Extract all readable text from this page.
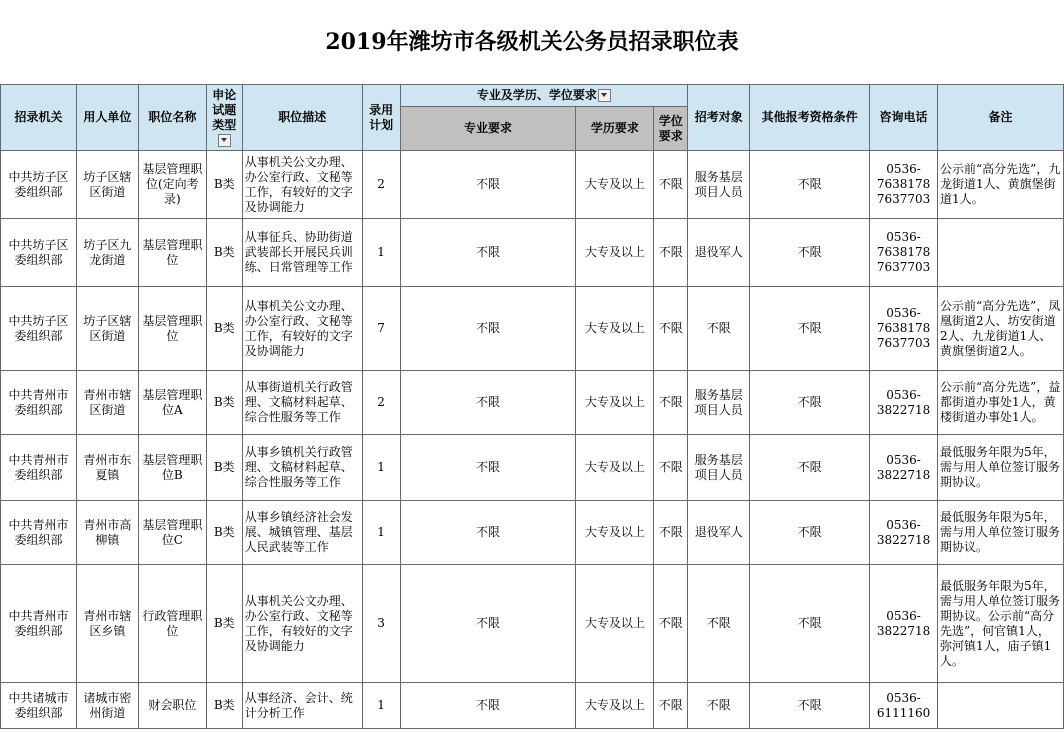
2019年潍坊市各级机关公务员招录职位表
招录机关	用人单位	职位名称	申论试题类型	职位描述	录用计划	专业及学历、学位要求			招考对象	其他报考资格条件	咨询电话	备注
						专业要求	学历要求	学位要求				
中共坊子区委组织部	坊子区辖区街道	基层管理职位(定向考录)	B类	从事机关公文办理、办公室行政、文秘等工作，有较好的文字及协调能力	2	不限	大专及以上	不限	服务基层项目人员	不限	0536-7638178 7637703	公示前“高分先选”，九龙街道1人、黄旗堡街道1人。
中共坊子区委组织部	坊子区九龙街道	基层管理职位	B类	从事征兵、协助街道武装部长开展民兵训练、日常管理等工作	1	不限	大专及以上	不限	退役军人	不限	0536-7638178 7637703	
中共坊子区委组织部	坊子区辖区街道	基层管理职位	B类	从事机关公文办理、办公室行政、文秘等工作，有较好的文字及协调能力	7	不限	大专及以上	不限	不限	不限	0536-7638178 7637703	公示前“高分先选”，凤凰街道2人、坊安街道2人、九龙街道1人、黄旗堡街道2人。
中共青州市委组织部	青州市辖区街道	基层管理职位A	B类	从事街道机关行政管理、文稿材料起草、综合性服务等工作	2	不限	大专及以上	不限	服务基层项目人员	不限	0536-3822718	公示前“高分先选”，益都街道办事处1人，黄楼街道办事处1人。
中共青州市委组织部	青州市东夏镇	基层管理职位B	B类	从事乡镇机关行政管理、文稿材料起草、综合性服务等工作	1	不限	大专及以上	不限	服务基层项目人员	不限	0536-3822718	最低服务年限为5年，需与用人单位签订服务期协议。
中共青州市委组织部	青州市高柳镇	基层管理职位C	B类	从事乡镇经济社会发展、城镇管理、基层人民武装等工作	1	不限	大专及以上	不限	退役军人	不限	0536-3822718	最低服务年限为5年，需与用人单位签订服务期协议。
中共青州市委组织部	青州市辖区乡镇	行政管理职位	B类	从事机关公文办理、办公室行政、文秘等工作，有较好的文字及协调能力	3	不限	大专及以上	不限	不限	不限	0536-3822718	最低服务年限为5年，需与用人单位签订服务期协议。公示前“高分先选”，何官镇1人，弥河镇1人，庙子镇1人。
中共诸城市委组织部	诸城市密州街道	财会职位	B类	从事经济、会计、统计分析工作	1	不限	大专及以上	不限	不限	不限	0536-6111160	
